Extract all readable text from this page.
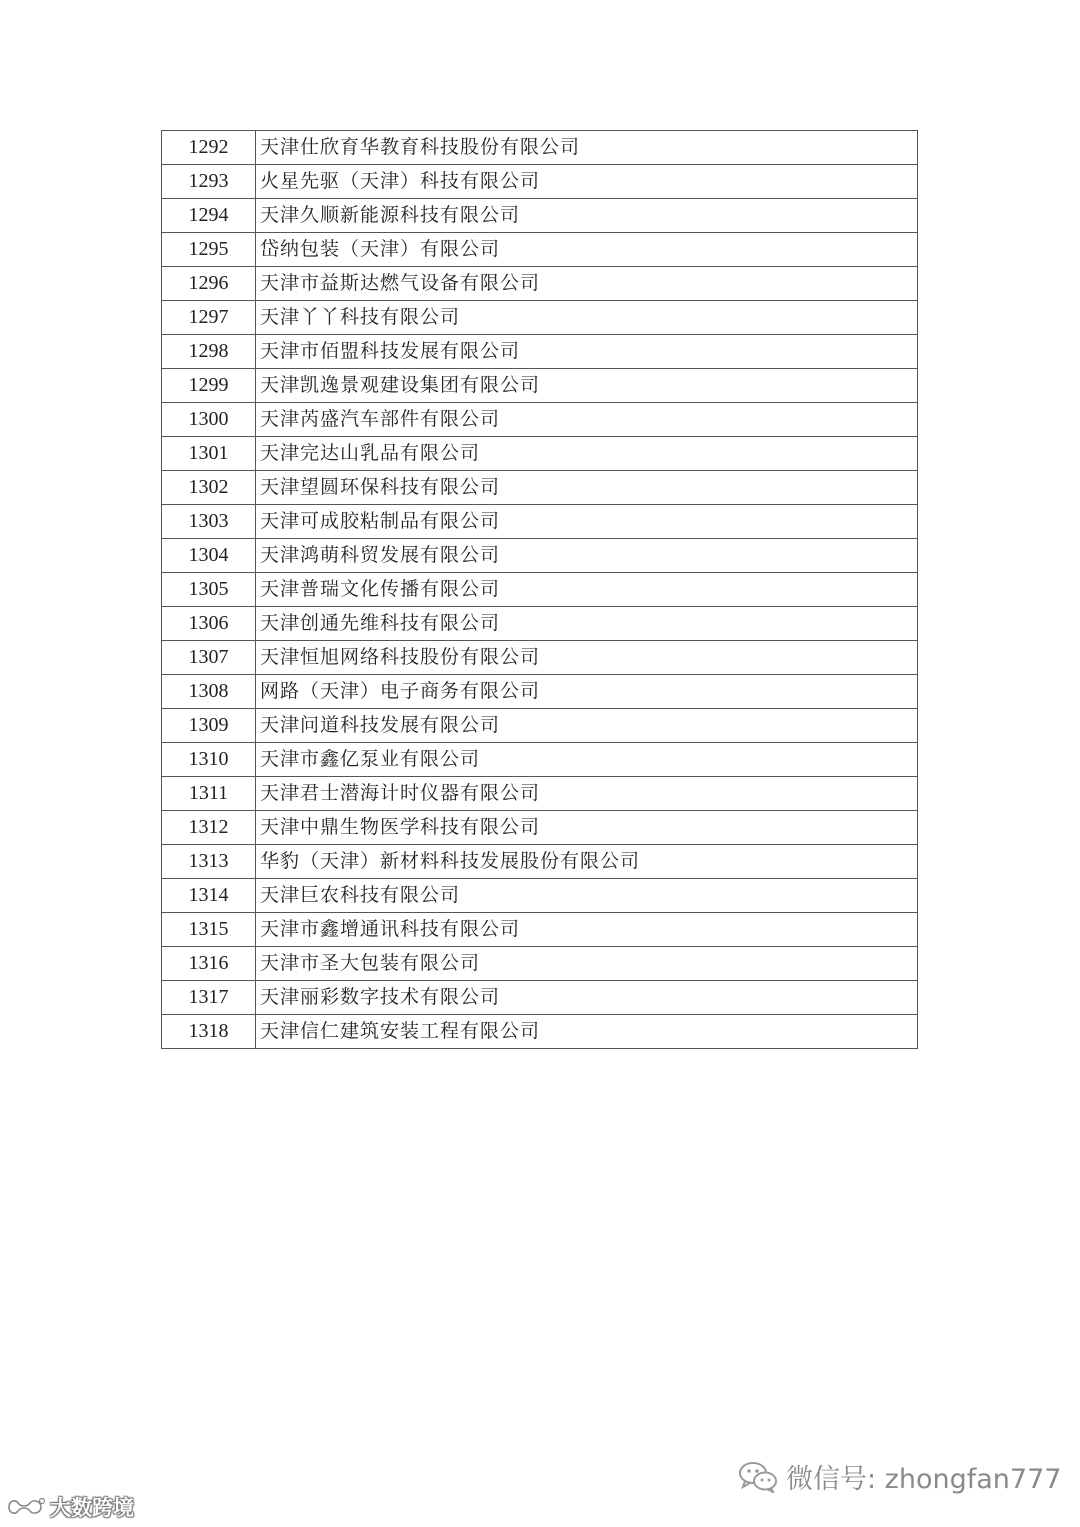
1292	天津仕欣育华教育科技股份有限公司
1293	火星先驱（天津）科技有限公司
1294	天津久顺新能源科技有限公司
1295	岱纳包装（天津）有限公司
1296	天津市益斯达燃气设备有限公司
1297	天津丫丫科技有限公司
1298	天津市佰盟科技发展有限公司
1299	天津凯逸景观建设集团有限公司
1300	天津芮盛汽车部件有限公司
1301	天津完达山乳品有限公司
1302	天津望圆环保科技有限公司
1303	天津可成胶粘制品有限公司
1304	天津鸿萌科贸发展有限公司
1305	天津普瑞文化传播有限公司
1306	天津创通先维科技有限公司
1307	天津恒旭网络科技股份有限公司
1308	网路（天津）电子商务有限公司
1309	天津问道科技发展有限公司
1310	天津市鑫亿泵业有限公司
1311	天津君士潜海计时仪器有限公司
1312	天津中鼎生物医学科技有限公司
1313	华豹（天津）新材料科技发展股份有限公司
1314	天津巨农科技有限公司
1315	天津市鑫增通讯科技有限公司
1316	天津市圣大包装有限公司
1317	天津丽彩数字技术有限公司
1318	天津信仁建筑安装工程有限公司
微信号: zhongfan777
大数跨境
